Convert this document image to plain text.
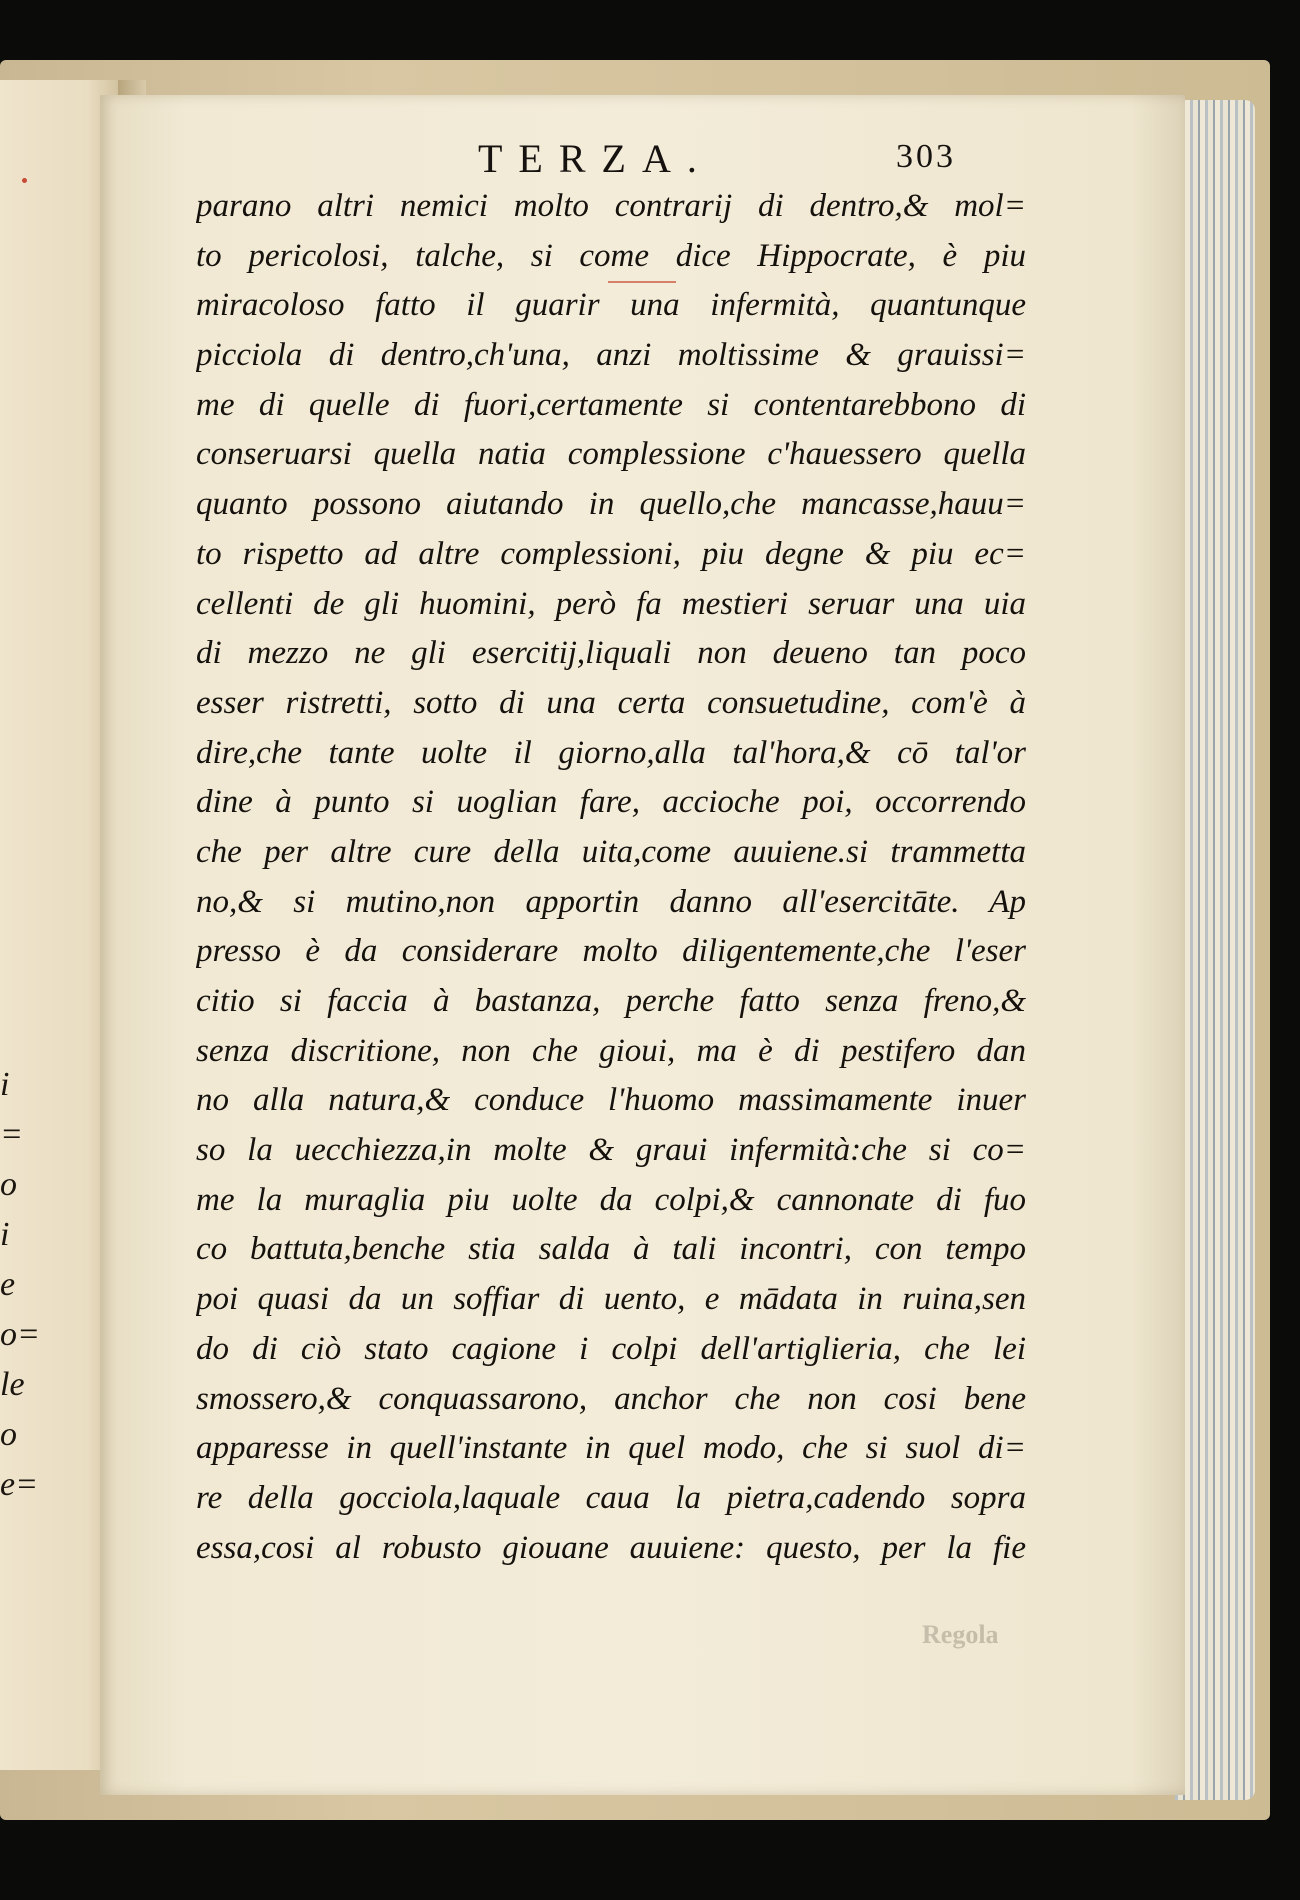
i
=
o
i
e
o=
le
o
e=
TERZA.	303
parano altri nemici molto contrarij di dentro,& mol=
to pericolosi, talche, si come dice Hippocrate, è piu
miracoloso fatto il guarir una infermità, quantunque
picciola di dentro,ch'una, anzi moltissime & grauissi=
me di quelle di fuori,certamente si contentarebbono di
conseruarsi quella natia complessione c'hauessero quella
quanto possono aiutando in quello,che mancasse,hauu=
to rispetto ad altre complessioni, piu degne & piu ec=
cellenti de gli huomini, però fa mestieri seruar una uia
di mezzo ne gli esercitij,liquali non deueno tan poco
esser ristretti, sotto di una certa consuetudine, com'è à
dire,che tante uolte il giorno,alla tal'hora,& cō tal'or
dine à punto si uoglian fare, accioche poi, occorrendo
che per altre cure della uita,come auuiene.si trammetta
no,& si mutino,non apportin danno all'esercitāte. Ap
presso è da considerare molto diligentemente,che l'eser
citio si faccia à bastanza, perche fatto senza freno,&
senza discritione, non che gioui, ma è di pestifero dan
no alla natura,& conduce l'huomo massimamente inuer
so la uecchiezza,in molte & graui infermità:che si co=
me la muraglia piu uolte da colpi,& cannonate di fuo
co battuta,benche stia salda à tali incontri, con tempo
poi quasi da un soffiar di uento, e mādata in ruina,sen
do di ciò stato cagione i colpi dell'artiglieria, che lei
smossero,& conquassarono, anchor che non cosi bene
apparesse in quell'instante in quel modo, che si suol di=
re della gocciola,laquale caua la pietra,cadendo sopra
essa,cosi al robusto giouane auuiene: questo, per la fie
Regola
